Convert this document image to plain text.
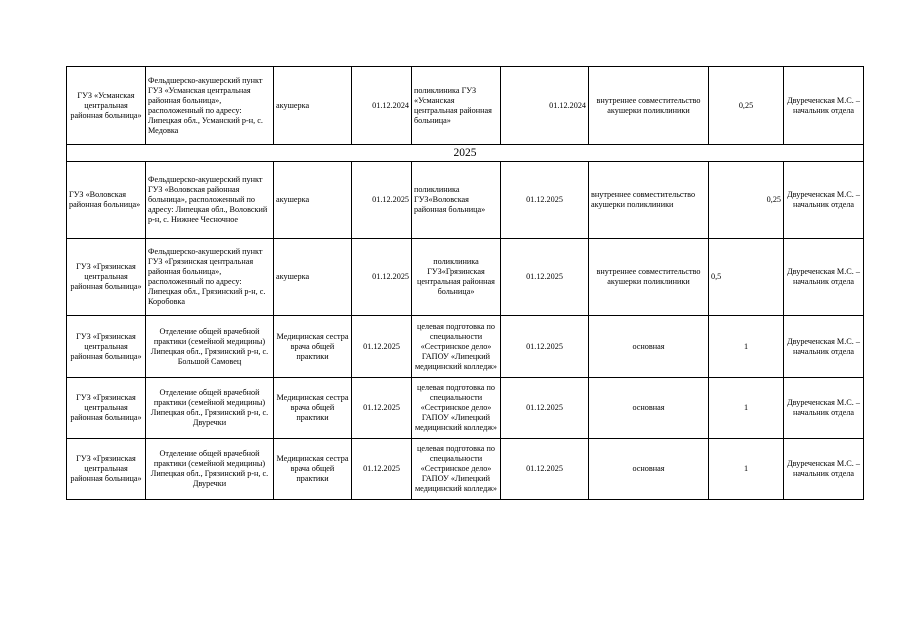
ГУЗ «Усманская центральная районная больница»	Фельдшерско-акушерский пункт ГУЗ «Усманская центральная районная больница», расположенный по адресу: Липецкая обл., Усманский р-н, с. Медовка	акушерка	01.12.2024	поликлиника ГУЗ «Усманская центральная районная больница»	01.12.2024	внутреннее совместительство акушерки поликлиники	0,25	Двуреченская М.С. – начальник отдела
2025								
ГУЗ «Воловская районная больница»	Фельдшерско-акушерский пункт ГУЗ «Воловская районная больница», расположенный по адресу: Липецкая обл., Воловский р-н, с. Нижнее Чесночное	акушерка	01.12.2025	поликлиника ГУЗ«Воловская районная больница»	01.12.2025	внутреннее совместительство акушерки поликлиники	0,25	Двуреченская М.С. – начальник отдела
ГУЗ «Грязинская центральная районная больница»	Фельдшерско-акушерский пункт ГУЗ «Грязинская центральная районная больница», расположенный по адресу: Липецкая обл., Грязинский р-н, с. Коробовка	акушерка	01.12.2025	поликлиника ГУЗ«Грязинская центральная районная больница»	01.12.2025	внутреннее совместительство акушерки поликлиники	0,5	Двуреченская М.С. – начальник отдела
ГУЗ «Грязинская центральная районная больница»	Отделение общей врачебной практики (семейной медицины) Липецкая обл., Грязинский р-н, с. Большой Самовец	Медицинская сестра врача общей практики	01.12.2025	целевая подготовка по специальности «Сестринское дело» ГАПОУ «Липецкий медицинский колледж»	01.12.2025	основная	1	Двуреченская М.С. – начальник отдела
ГУЗ «Грязинская центральная районная больница»	Отделение общей врачебной практики (семейной медицины) Липецкая обл., Грязинский р-н, с. Двуречки	Медицинская сестра врача общей практики	01.12.2025	целевая подготовка по специальности «Сестринское дело» ГАПОУ «Липецкий медицинский колледж»	01.12.2025	основная	1	Двуреченская М.С. – начальник отдела
ГУЗ «Грязинская центральная районная больница»	Отделение общей врачебной практики (семейной медицины) Липецкая обл., Грязинский р-н, с. Двуречки	Медицинская сестра врача общей практики	01.12.2025	целевая подготовка по специальности «Сестринское дело» ГАПОУ «Липецкий медицинский колледж»	01.12.2025	основная	1	Двуреченская М.С. – начальник отдела
